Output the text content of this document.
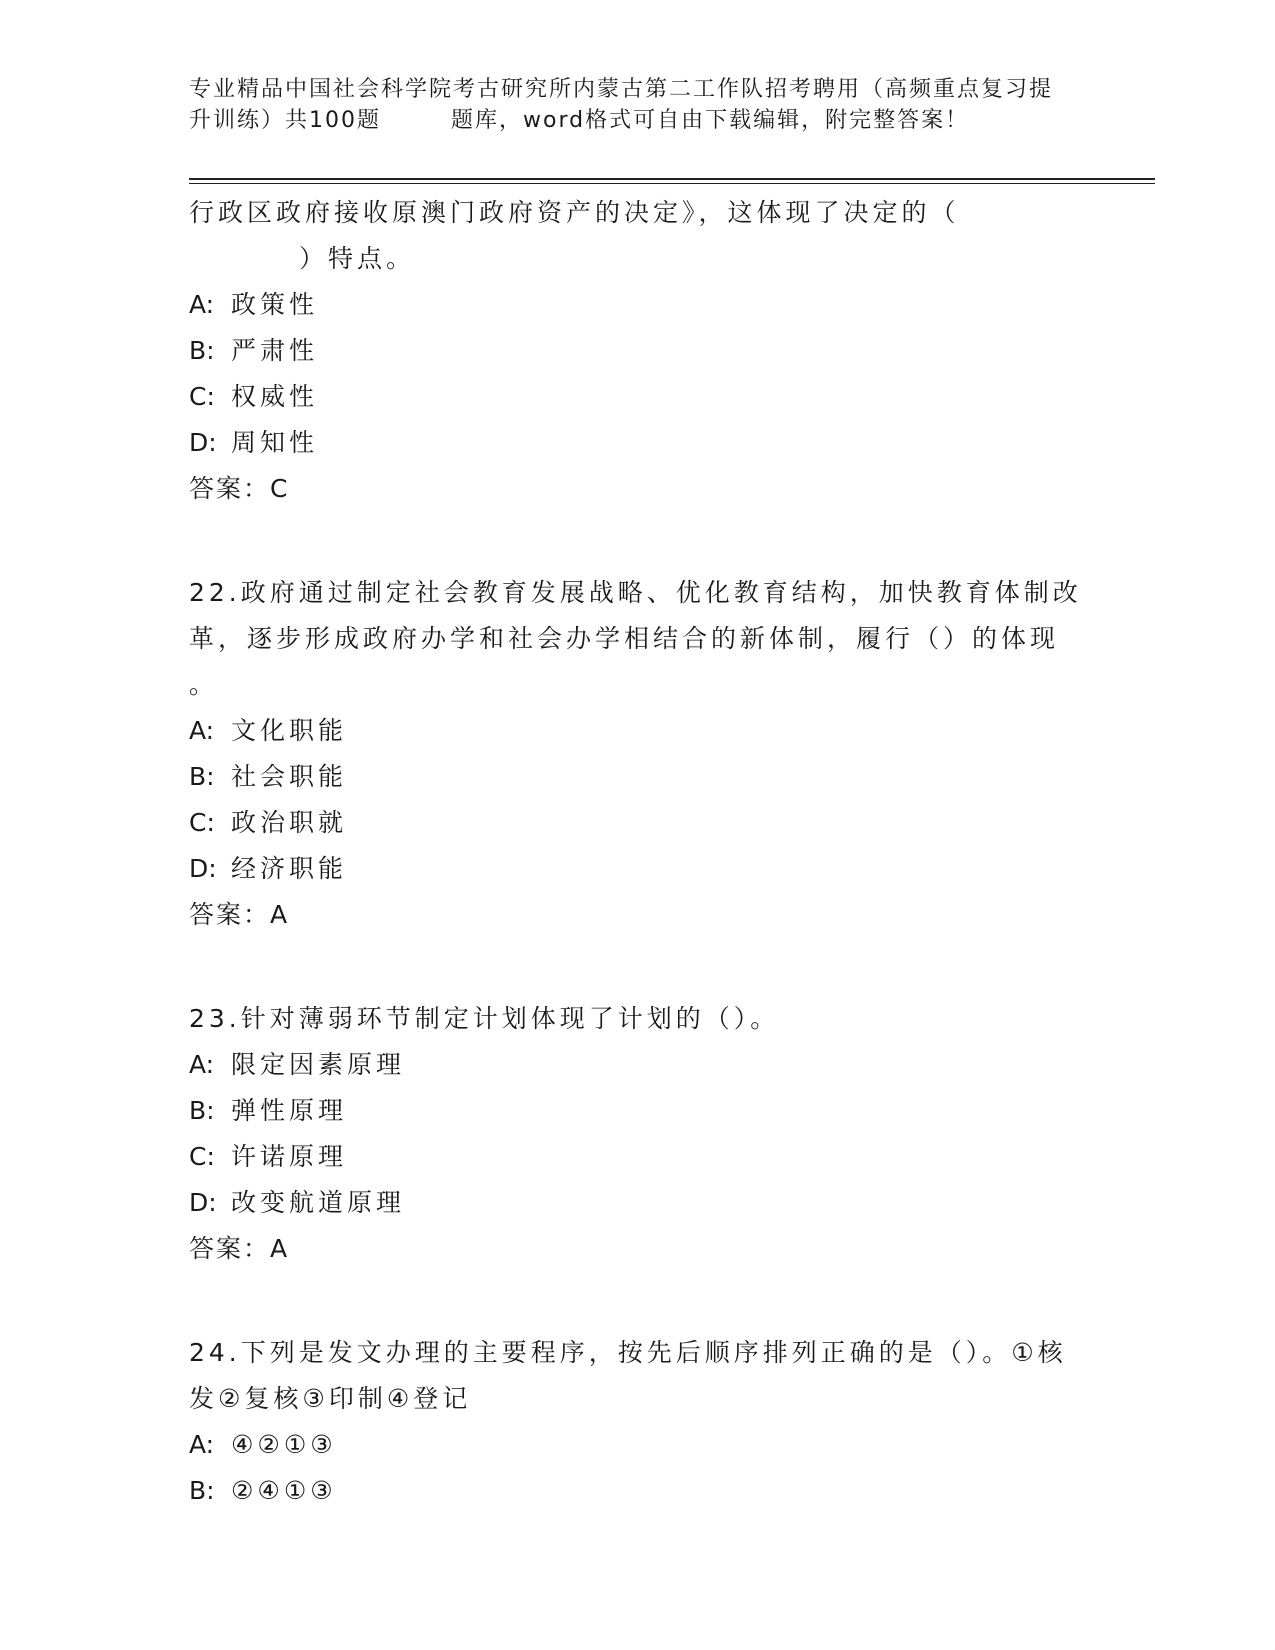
专业精品中国社会科学院考古研究所内蒙古第二工作队招考聘用（高频重点复习提
升训练）共100题	题库，word格式可自由下载编辑，附完整答案！
行政区政府接收原澳门政府资产的决定》，这体现了决定的（
）特点。
A: 政策性
B: 严肃性
C: 权威性
D: 周知性
答案：C
22.政府通过制定社会教育发展战略、优化教育结构，加快教育体制改
革，逐步形成政府办学和社会办学相结合的新体制，履行（）的体现
。
A: 文化职能
B: 社会职能
C: 政治职就
D: 经济职能
答案：A
23.针对薄弱环节制定计划体现了计划的（）。
A: 限定因素原理
B: 弹性原理
C: 许诺原理
D: 改变航道原理
答案：A
24.下列是发文办理的主要程序，按先后顺序排列正确的是（）。①核
发②复核③印制④登记
A: ④②①③
B: ②④①③
